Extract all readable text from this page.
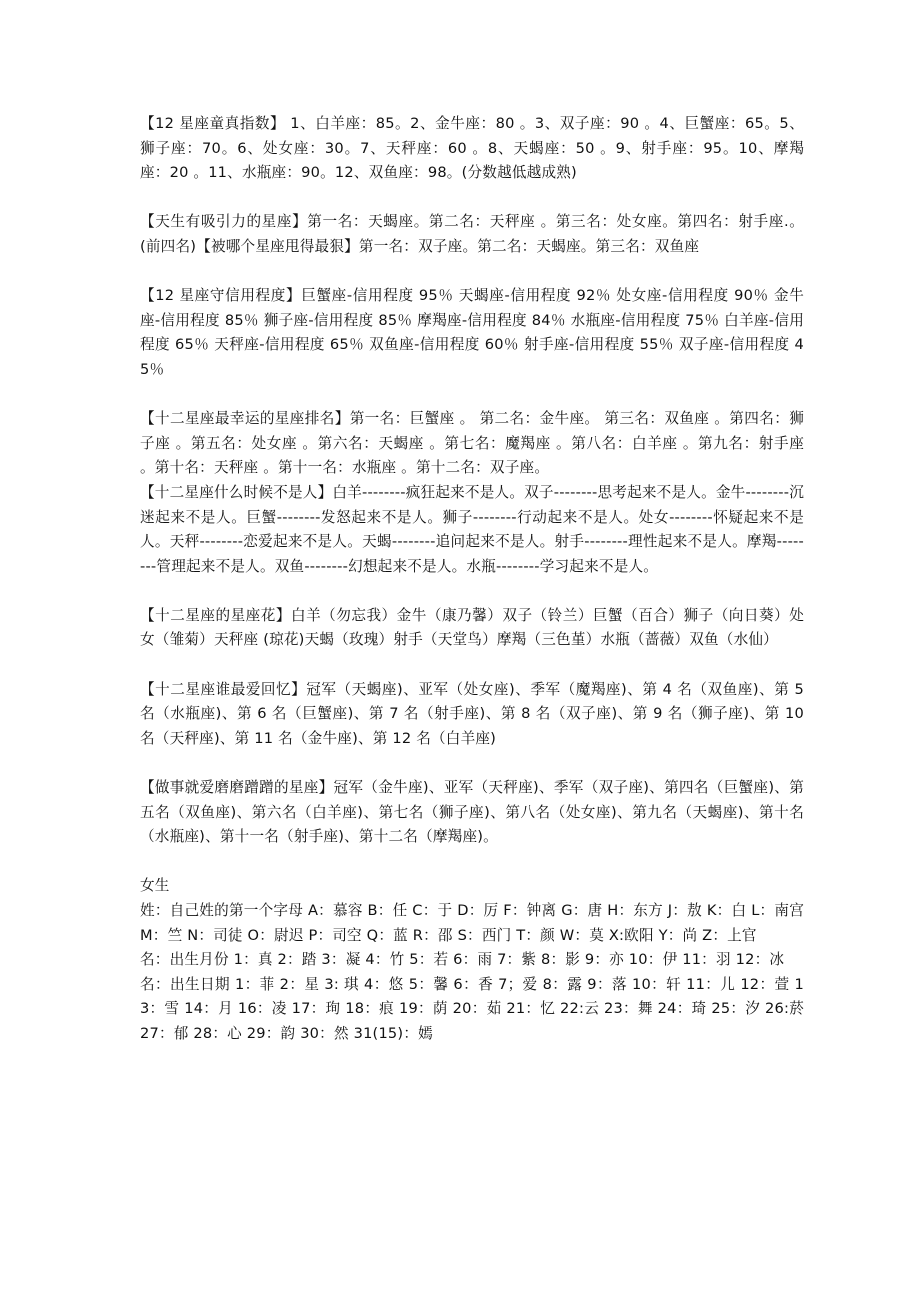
【12 星座童真指数】 1、白羊座：85。2、金牛座：80 。3、双子座：90 。4、巨蟹座：65。5、狮子座：70。6、处女座：30。7、天秤座：60 。8、天蝎座：50 。9、射手座：95。10、摩羯座：20 。11、水瓶座：90。12、双鱼座：98。(分数越低越成熟)

【天生有吸引力的星座】第一名：天蝎座。第二名：天秤座 。第三名：处女座。第四名：射手座.。(前四名)【被哪个星座甩得最狠】第一名：双子座。第二名：天蝎座。第三名：双鱼座

【12 星座守信用程度】巨蟹座-信用程度 95％ 天蝎座-信用程度 92％ 处女座-信用程度 90％ 金牛座-信用程度 85％ 狮子座-信用程度 85％ 摩羯座-信用程度 84％ 水瓶座-信用程度 75％ 白羊座-信用程度 65％ 天秤座-信用程度 65％ 双鱼座-信用程度 60％ 射手座-信用程度 55％ 双子座-信用程度 45％

【十二星座最幸运的星座排名】第一名：巨蟹座 。 第二名：金牛座。 第三名：双鱼座 。第四名：狮子座 。第五名：处女座 。第六名：天蝎座 。第七名：魔羯座 。第八名：白羊座 。第九名：射手座 。第十名：天秤座 。第十一名：水瓶座 。第十二名：双子座。

【十二星座什么时候不是人】白羊--------疯狂起来不是人。双子--------思考起来不是人。金牛--------沉迷起来不是人。巨蟹--------发怒起来不是人。狮子--------行动起来不是人。处女--------怀疑起来不是人。天秤--------恋爱起来不是人。天蝎--------追问起来不是人。射手--------理性起来不是人。摩羯--------管理起来不是人。双鱼--------幻想起来不是人。水瓶--------学习起来不是人。

【十二星座的星座花】白羊（勿忘我）金牛（康乃馨）双子（铃兰）巨蟹（百合）狮子（向日葵）处女（雏菊）天秤座 (琼花)天蝎（玫瑰）射手（天堂鸟）摩羯（三色堇）水瓶（蔷薇）双鱼（水仙）

【十二星座谁最爱回忆】冠军（天蝎座)、亚军（处女座)、季军（魔羯座)、第 4 名（双鱼座)、第 5 名（水瓶座)、第 6 名（巨蟹座)、第 7 名（射手座)、第 8 名（双子座)、第 9 名（狮子座)、第 10 名（天秤座)、第 11 名（金牛座)、第 12 名（白羊座)

【做事就爱磨磨蹭蹭的星座】冠军（金牛座)、亚军（天秤座)、季军（双子座)、第四名（巨蟹座)、第五名（双鱼座)、第六名（白羊座)、第七名（狮子座)、第八名（处女座)、第九名（天蝎座)、第十名（水瓶座)、第十一名（射手座)、第十二名（摩羯座)。

女生

姓：自己姓的第一个字母 A：慕容 B：任 C：于 D：厉 F：钟离 G：唐 H：东方 J：敖 K：白 L：南宫 M：竺 N：司徒 O：尉迟 P：司空 Q：蓝 R：邵 S：西门 T：颜 W：莫 X:欧阳 Y：尚 Z：上官

名：出生月份 1：真 2：踏 3：凝 4：竹 5：若 6：雨 7：紫 8：影 9：亦 10：伊 11：羽 12：冰

名：出生日期 1：菲 2：星 3: 琪 4：悠 5：馨 6：香 7；爱 8：露 9：落 10：轩 11：儿 12：萱 13：雪 14：月 16：凌 17：珣 18：痕 19：荫 20：茹 21：忆 22:云 23：舞 24：琦 25：汐 26:菸 27：郁 28：心 29：韵 30：然 31(15)：嫣
